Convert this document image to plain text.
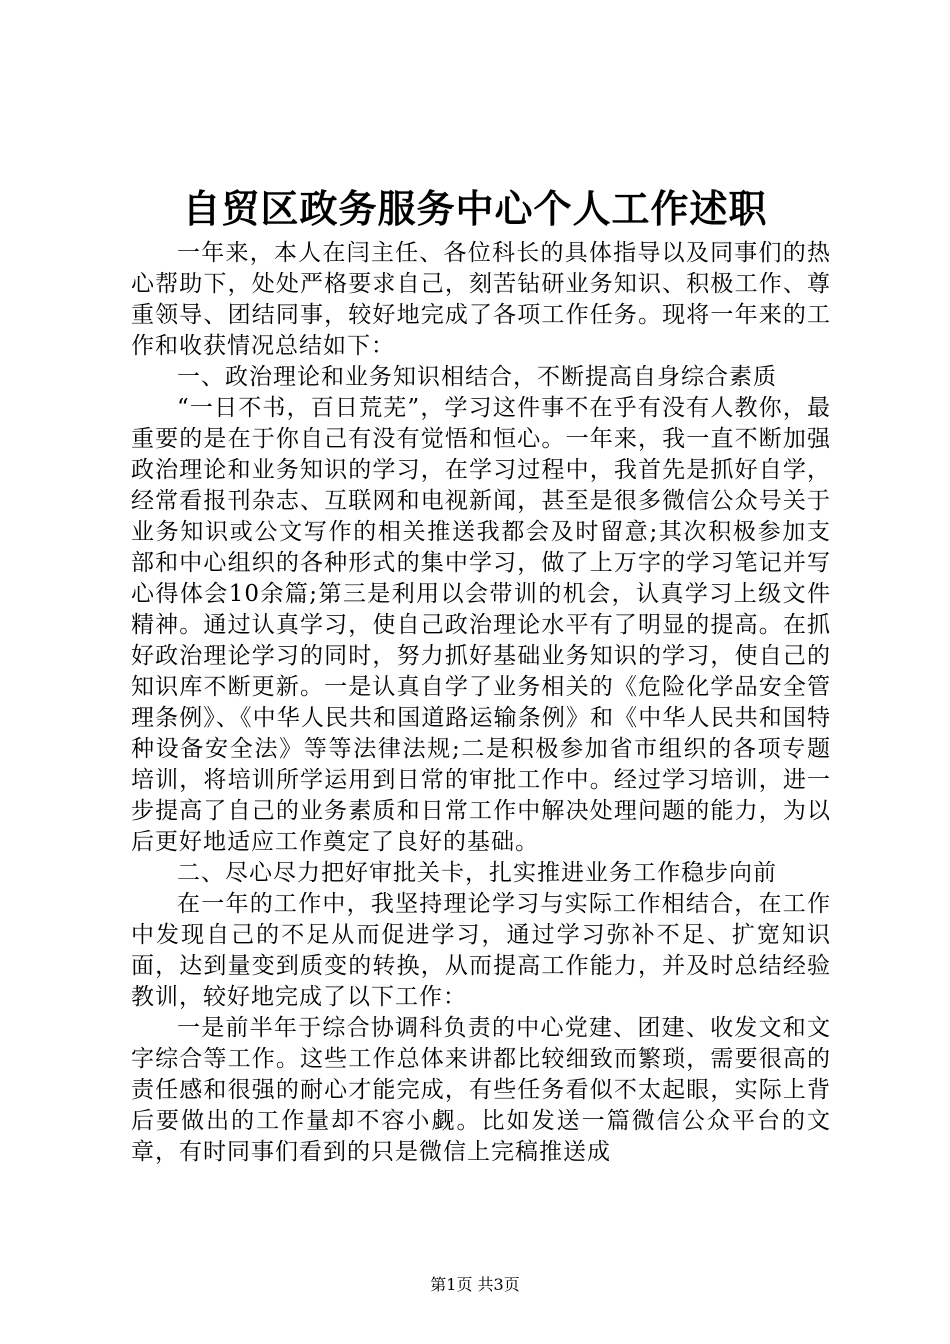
自贸区政务服务中心个人工作述职

一年来，本人在闫主任、各位科长的具体指导以及同事们的热心帮助下，处处严格要求自己，刻苦钻研业务知识、积极工作、尊重领导、团结同事，较好地完成了各项工作任务。现将一年来的工作和收获情况总结如下：

一、政治理论和业务知识相结合，不断提高自身综合素质

“一日不书，百日荒芜”，学习这件事不在乎有没有人教你，最重要的是在于你自己有没有觉悟和恒心。一年来，我一直不断加强政治理论和业务知识的学习，在学习过程中，我首先是抓好自学，经常看报刊杂志、互联网和电视新闻，甚至是很多微信公众号关于业务知识或公文写作的相关推送我都会及时留意;其次积极参加支部和中心组织的各种形式的集中学习，做了上万字的学习笔记并写心得体会10余篇;第三是利用以会带训的机会，认真学习上级文件精神。通过认真学习，使自己政治理论水平有了明显的提高。在抓好政治理论学习的同时，努力抓好基础业务知识的学习，使自己的知识库不断更新。一是认真自学了业务相关的《危险化学品安全管理条例》、《中华人民共和国道路运输条例》和《中华人民共和国特种设备安全法》等等法律法规;二是积极参加省市组织的各项专题培训，将培训所学运用到日常的审批工作中。经过学习培训，进一步提高了自己的业务素质和日常工作中解决处理问题的能力，为以后更好地适应工作奠定了良好的基础。

二、尽心尽力把好审批关卡，扎实推进业务工作稳步向前

在一年的工作中，我坚持理论学习与实际工作相结合，在工作中发现自己的不足从而促进学习，通过学习弥补不足、扩宽知识面，达到量变到质变的转换，从而提高工作能力，并及时总结经验教训，较好地完成了以下工作：

一是前半年于综合协调科负责的中心党建、团建、收发文和文字综合等工作。这些工作总体来讲都比较细致而繁琐，需要很高的责任感和很强的耐心才能完成，有些任务看似不太起眼，实际上背后要做出的工作量却不容小觑。比如发送一篇微信公众平台的文章，有时同事们看到的只是微信上完稿推送成

第1页 共3页
